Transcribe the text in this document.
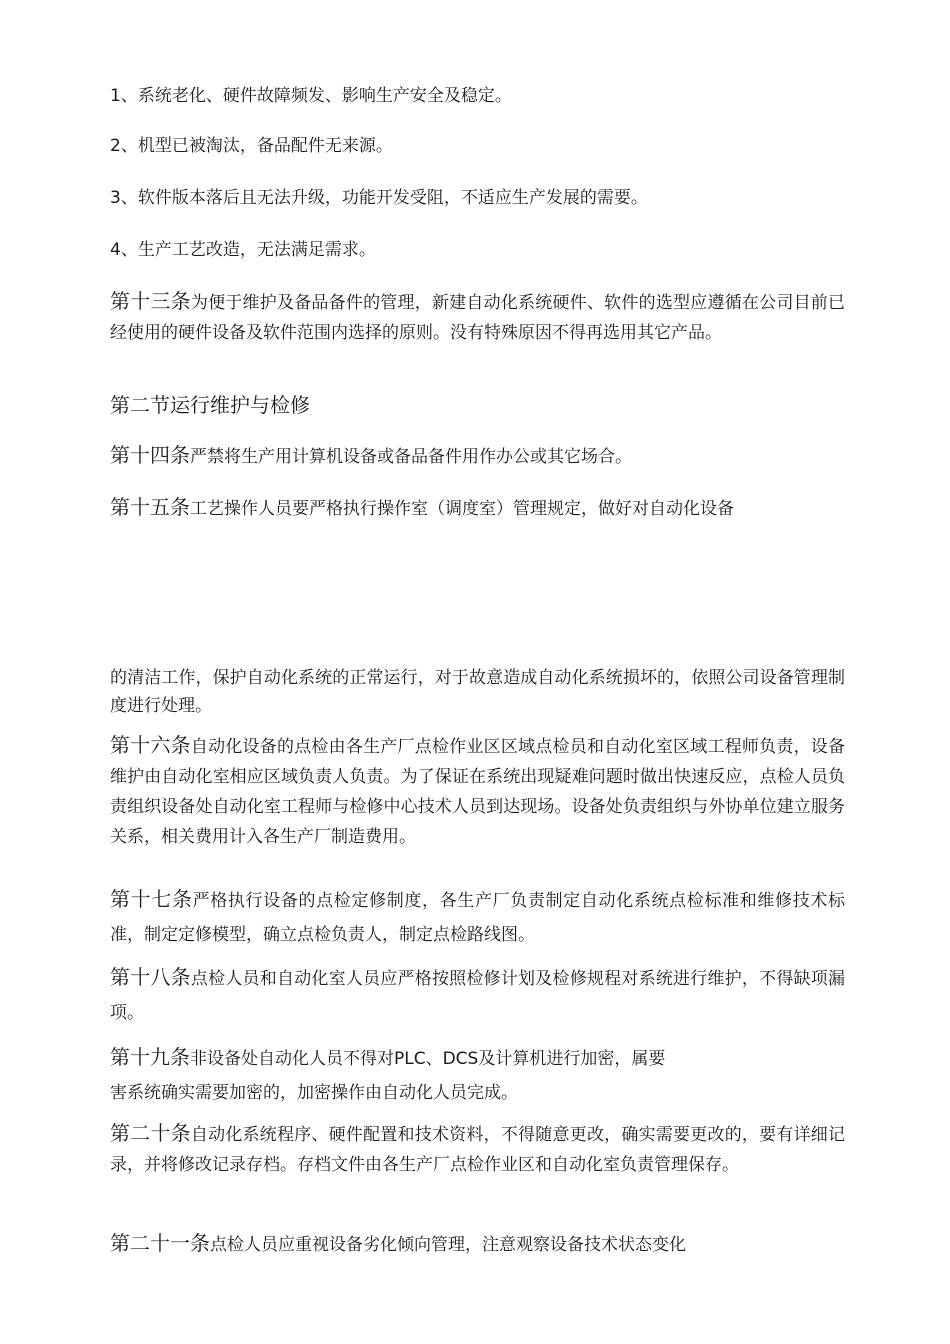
1、系统老化、硬件故障频发、影响生产安全及稳定。

2、机型已被淘汰，备品配件无来源。

3、软件版本落后且无法升级，功能开发受阻，不适应生产发展的需要。

4、生产工艺改造，无法满足需求。

第十三条为便于维护及备品备件的管理，新建自动化系统硬件、软件的选型应遵循在公司目前已经使用的硬件设备及软件范围内选择的原则。没有特殊原因不得再选用其它产品。

第二节运行维护与检修

第十四条严禁将生产用计算机设备或备品备件用作办公或其它场合。

第十五条工艺操作人员要严格执行操作室（调度室）管理规定，做好对自动化设备

的清洁工作，保护自动化系统的正常运行，对于故意造成自动化系统损坏的，依照公司设备管理制度进行处理。

第十六条自动化设备的点检由各生产厂点检作业区区域点检员和自动化室区域工程师负责，设备维护由自动化室相应区域负责人负责。为了保证在系统出现疑难问题时做出快速反应，点检人员负责组织设备处自动化室工程师与检修中心技术人员到达现场。设备处负责组织与外协单位建立服务关系，相关费用计入各生产厂制造费用。

第十七条严格执行设备的点检定修制度，各生产厂负责制定自动化系统点检标准和维修技术标准，制定定修模型，确立点检负责人，制定点检路线图。

第十八条点检人员和自动化室人员应严格按照检修计划及检修规程对系统进行维护，不得缺项漏项。

第十九条非设备处自动化人员不得对PLC、DCS及计算机进行加密，属要
害系统确实需要加密的，加密操作由自动化人员完成。

第二十条自动化系统程序、硬件配置和技术资料，不得随意更改，确实需要更改的，要有详细记录，并将修改记录存档。存档文件由各生产厂点检作业区和自动化室负责管理保存。

第二十一条点检人员应重视设备劣化倾向管理，注意观察设备技术状态变化
